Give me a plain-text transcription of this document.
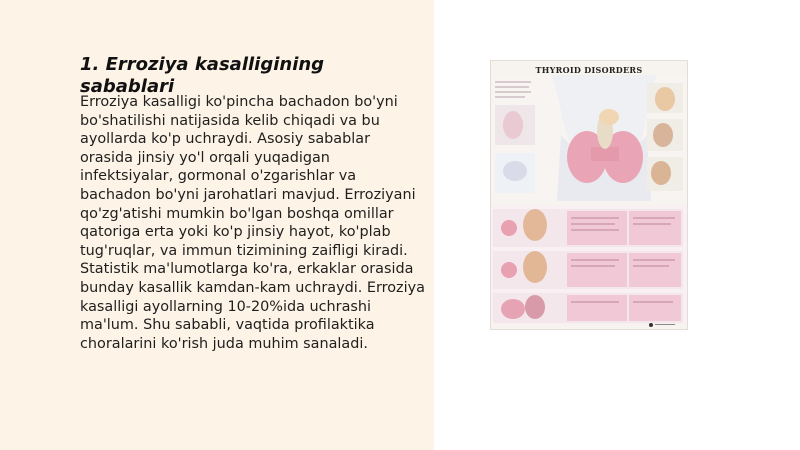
1. Erroziya kasalligining sabablari

Erroziya kasalligi ko'pincha bachadon bo'yni bo'shatilishi natijasida kelib chiqadi va bu ayollarda ko'p uchraydi. Asosiy sabablar orasida jinsiy yo'l orqali yuqadigan infektsiyalar, gormonal o'zgarishlar va bachadon bo'yni jarohatlari mavjud. Erroziyani qo'zg'atishi mumkin bo'lgan boshqa omillar qatoriga erta yoki ko'p jinsiy hayot, ko'plab tug'ruqlar, va immun tizimining zaifligi kiradi. Statistik ma'lumotlarga ko'ra, erkaklar orasida bunday kasallik kamdan-kam uchraydi. Erroziya kasalligi ayollarning 10-20%ida uchrashi ma'lum. Shu sababli, vaqtida profilaktika choralarini ko'rish juda muhim sanaladi.

THYROID DISORDERS
